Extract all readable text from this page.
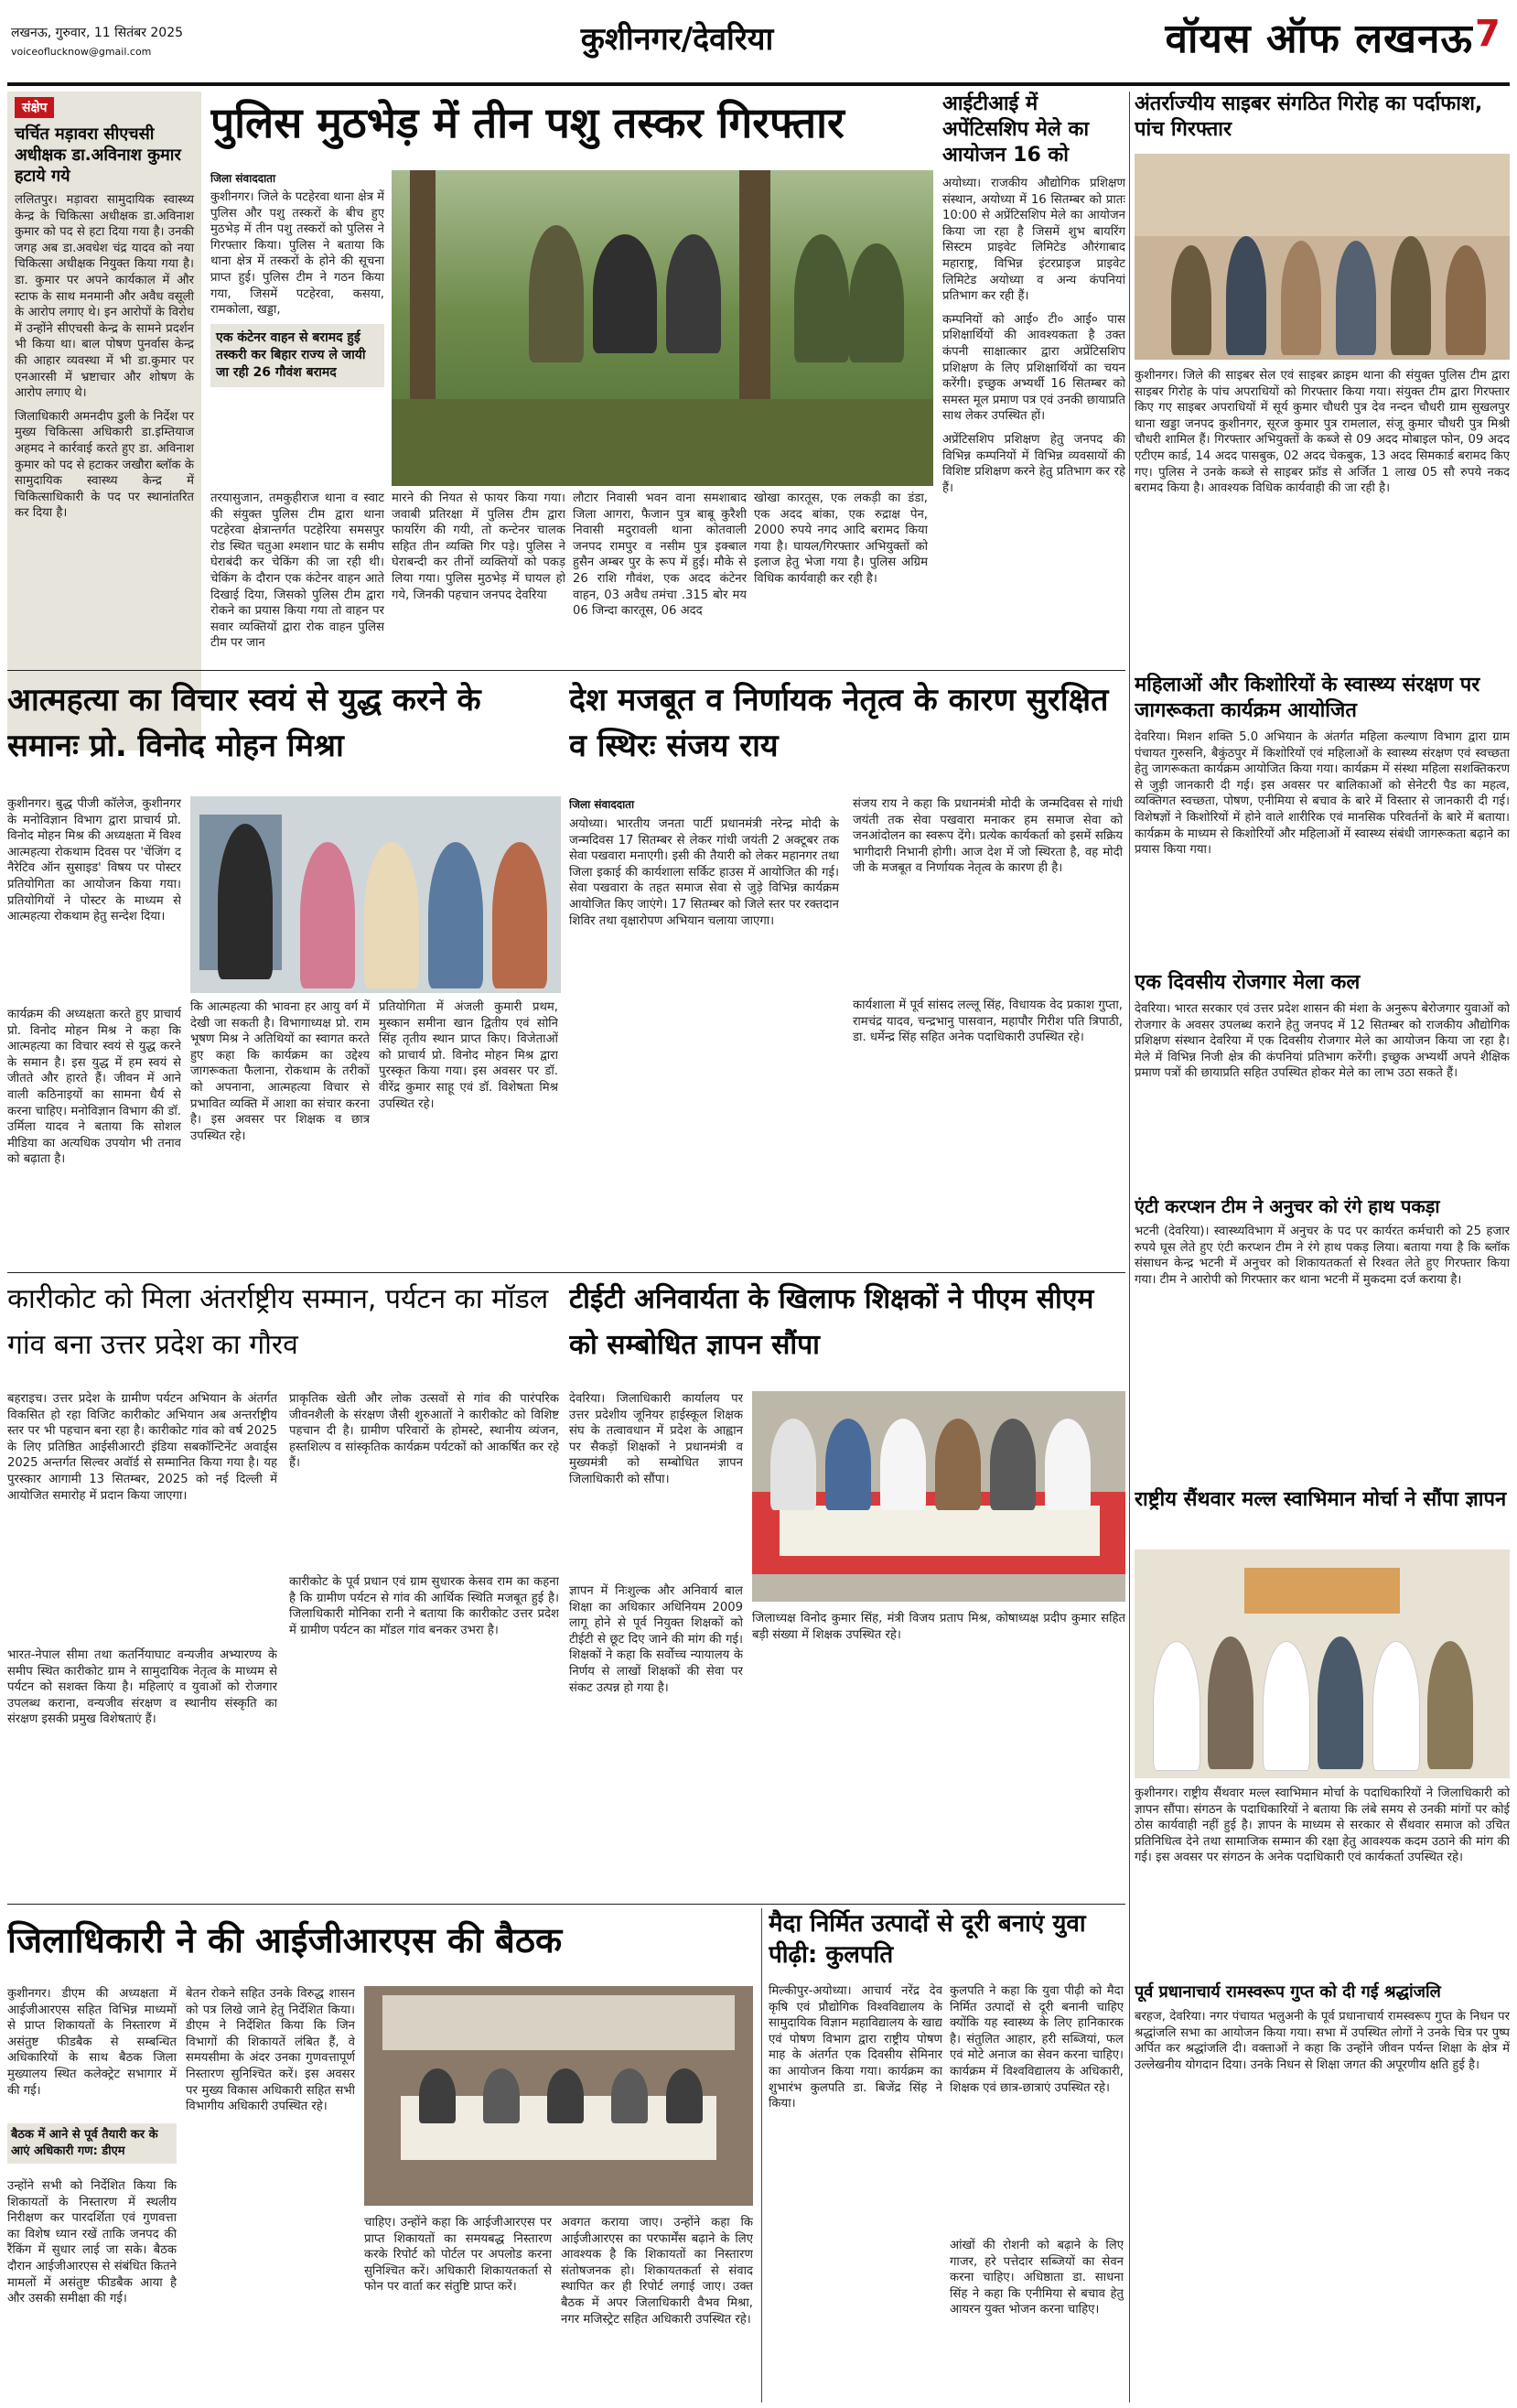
लखनऊ, गुरुवार, 11 सितंबर 2025
voiceoflucknow@gmail.com	कुशीनगर/देवरिया	वॉयस ऑफ लखनऊ 7
संक्षेप
चर्चित मड़ावरा सीएचसी अधीक्षक डा.अविनाश कुमार हटाये गये

ललितपुर। मड़ावरा सामुदायिक स्वास्थ्य केन्द्र के चिकित्सा अधीक्षक डा.अविनाश कुमार को पद से हटा दिया गया है। उनकी जगह अब डा.अवधेश चंद्र यादव को नया चिकित्सा अधीक्षक नियुक्त किया गया है। डा. कुमार पर अपने कार्यकाल में और स्टाफ के साथ मनमानी और अवैध वसूली के आरोप लगाए थे। इन आरोपों के विरोध में उन्होंने सीएचसी केन्द्र के सामने प्रदर्शन भी किया था। बाल पोषण पुनर्वास केन्द्र की आहार व्यवस्था में भी डा.कुमार पर एनआरसी में भ्रष्टाचार और शोषण के आरोप लगाए थे।

जिलाधिकारी अमनदीप डुली के निर्देश पर मुख्य चिकित्सा अधिकारी डा.इम्तियाज अहमद ने कार्रवाई करते हुए डा. अविनाश कुमार को पद से हटाकर जखौरा ब्लॉक के सामुदायिक स्वास्थ्य केन्द्र में चिकित्साधिकारी के पद पर स्थानांतरित कर दिया है।

पुलिस मुठभेड़ में तीन पशु तस्कर गिरफ्तार
जिला संवाददाता

कुशीनगर। जिले के पटहेरवा थाना क्षेत्र में पुलिस और पशु तस्करों के बीच हुए मुठभेड़ में तीन पशु तस्करों को पुलिस ने गिरफ्तार किया। पुलिस ने बताया कि थाना क्षेत्र में तस्करों के होने की सूचना प्राप्त हुई। पुलिस टीम ने गठन किया गया, जिसमें पटहेरवा, कसया, रामकोला, खड्डा,

एक कंटेनर वाहन से बरामद हुई तस्करी कर बिहार राज्य ले जायी जा रही 26 गौवंश बरामद

तरयासुजान, तमकुहीराज थाना व स्वाट की संयुक्त पुलिस टीम द्वारा थाना पटहेरवा क्षेत्रान्तर्गत पटहेरिया समसपुर रोड स्थित चतुआ श्मशान घाट के समीप घेराबंदी कर चेकिंग की जा रही थी। चेकिंग के दौरान एक कंटेनर वाहन आते दिखाई दिया, जिसको पुलिस टीम द्वारा रोकने का प्रयास किया गया तो वाहन पर सवार व्यक्तियों द्वारा रोक वाहन पुलिस टीम पर जान

मारने की नियत से फायर किया गया। जवाबी प्रतिरक्षा में पुलिस टीम द्वारा फायरिंग की गयी, तो कन्टेनर चालक सहित तीन व्यक्ति गिर पड़े। पुलिस ने घेराबन्दी कर तीनों व्यक्तियों को पकड़ लिया गया। पुलिस मुठभेड़ में घायल हो गये, जिनकी पहचान जनपद देवरिया

लौटार निवासी भवन वाना समशाबाद जिला आगरा, फैजान पुत्र बाबू कुरैशी निवासी मदुरावली थाना कोतवाली जनपद रामपुर व नसीम पुत्र इक्बाल हुसैन अम्बर पुर के रूप में हुई। मौके से 26 राशि गौवंश, एक अदद कंटेनर वाहन, 03 अवैध तमंचा .315 बोर मय 06 जिन्दा कारतूस, 06 अदद

खोखा कारतूस, एक लकड़ी का डंडा, एक अदद बांका, एक रुद्राक्ष पेन, 2000 रुपये नगद आदि बरामद किया गया है। घायल/गिरफ्तार अभियुक्तों को इलाज हेतु भेजा गया है। पुलिस अग्रिम विधिक कार्यवाही कर रही है।

आईटीआई में अपेंटिसशिप मेले का आयोजन 16 को

अयोध्या। राजकीय औद्योगिक प्रशिक्षण संस्थान, अयोध्या में 16 सितम्बर को प्रातः 10:00 से अप्रेंटिसशिप मेले का आयोजन किया जा रहा है जिसमें शुभ बायरिंग सिस्टम प्राइवेट लिमिटेड औरंगाबाद महाराष्ट्र, विभिन्न इंटरप्राइज प्राइवेट लिमिटेड अयोध्या व अन्य कंपनियां प्रतिभाग कर रही हैं।

कम्पनियों को आई० टी० आई० पास प्रशिक्षार्थियों की आवश्यकता है उक्त कंपनी साक्षात्कार द्वारा अप्रेंटिसशिप प्रशिक्षण के लिए प्रशिक्षार्थियों का चयन करेंगी। इच्छुक अभ्यर्थी 16 सितम्बर को समस्त मूल प्रमाण पत्र एवं उनकी छायाप्रति साथ लेकर उपस्थित हों।

अप्रेंटिसशिप प्रशिक्षण हेतु जनपद की विभिन्न कम्पनियों में विभिन्न व्यवसायों की विशिष्ट प्रशिक्षण करने हेतु प्रतिभाग कर रहे हैं।

अंतर्राज्यीय साइबर संगठित गिरोह का पर्दाफाश, पांच गिरफ्तार

कुशीनगर। जिले की साइबर सेल एवं साइबर क्राइम थाना की संयुक्त पुलिस टीम द्वारा साइबर गिरोह के पांच अपराधियों को गिरफ्तार किया गया। संयुक्त टीम द्वारा गिरफ्तार किए गए साइबर अपराधियों में सूर्य कुमार चौधरी पुत्र देव नन्दन चौधरी ग्राम सुखलपुर थाना खड्डा जनपद कुशीनगर, सूरज कुमार पुत्र रामलाल, संजू कुमार चौधरी पुत्र मिश्री चौधरी शामिल हैं। गिरफ्तार अभियुक्तों के कब्जे से 09 अदद मोबाइल फोन, 09 अदद एटीएम कार्ड, 14 अदद पासबुक, 02 अदद चेकबुक, 13 अदद सिमकार्ड बरामद किए गए। पुलिस ने उनके कब्जे से साइबर फ्रॉड से अर्जित 1 लाख 05 सौ रुपये नकद बरामद किया है। आवश्यक विधिक कार्यवाही की जा रही है।

महिलाओं और किशोरियों के स्वास्थ्य संरक्षण पर जागरूकता कार्यक्रम आयोजित

देवरिया। मिशन शक्ति 5.0 अभियान के अंतर्गत महिला कल्याण विभाग द्वारा ग्राम पंचायत गुरुसनि, बैकुंठपुर में किशोरियों एवं महिलाओं के स्वास्थ्य संरक्षण एवं स्वच्छता हेतु जागरूकता कार्यक्रम आयोजित किया गया। कार्यक्रम में संस्था महिला सशक्तिकरण से जुड़ी जानकारी दी गई। इस अवसर पर बालिकाओं को सेनेटरी पैड का महत्व, व्यक्तिगत स्वच्छता, पोषण, एनीमिया से बचाव के बारे में विस्तार से जानकारी दी गई। विशेषज्ञों ने किशोरियों में होने वाले शारीरिक एवं मानसिक परिवर्तनों के बारे में बताया। कार्यक्रम के माध्यम से किशोरियों और महिलाओं में स्वास्थ्य संबंधी जागरूकता बढ़ाने का प्रयास किया गया।

एक दिवसीय रोजगार मेला कल

देवरिया। भारत सरकार एवं उत्तर प्रदेश शासन की मंशा के अनुरूप बेरोजगार युवाओं को रोजगार के अवसर उपलब्ध कराने हेतु जनपद में 12 सितम्बर को राजकीय औद्योगिक प्रशिक्षण संस्थान देवरिया में एक दिवसीय रोजगार मेले का आयोजन किया जा रहा है। मेले में विभिन्न निजी क्षेत्र की कंपनियां प्रतिभाग करेंगी। इच्छुक अभ्यर्थी अपने शैक्षिक प्रमाण पत्रों की छायाप्रति सहित उपस्थित होकर मेले का लाभ उठा सकते हैं।

एंटी करप्शन टीम ने अनुचर को रंगे हाथ पकड़ा

भटनी (देवरिया)। स्वास्थ्यविभाग में अनुचर के पद पर कार्यरत कर्मचारी को 25 हजार रुपये घूस लेते हुए एंटी करप्शन टीम ने रंगे हाथ पकड़ लिया। बताया गया है कि ब्लॉक संसाधन केन्द्र भटनी में अनुचर को शिकायतकर्ता से रिश्वत लेते हुए गिरफ्तार किया गया। टीम ने आरोपी को गिरफ्तार कर थाना भटनी में मुकदमा दर्ज कराया है।

राष्ट्रीय सैंथवार मल्ल स्वाभिमान मोर्चा ने सौंपा ज्ञापन

कुशीनगर। राष्ट्रीय सैंथवार मल्ल स्वाभिमान मोर्चा के पदाधिकारियों ने जिलाधिकारी को ज्ञापन सौंपा। संगठन के पदाधिकारियों ने बताया कि लंबे समय से उनकी मांगों पर कोई ठोस कार्यवाही नहीं हुई है। ज्ञापन के माध्यम से सरकार से सैंथवार समाज को उचित प्रतिनिधित्व देने तथा सामाजिक सम्मान की रक्षा हेतु आवश्यक कदम उठाने की मांग की गई। इस अवसर पर संगठन के अनेक पदाधिकारी एवं कार्यकर्ता उपस्थित रहे।

पूर्व प्रधानाचार्य रामस्वरूप गुप्त को दी गई श्रद्धांजलि

बरहज, देवरिया। नगर पंचायत भलुअनी के पूर्व प्रधानाचार्य रामस्वरूप गुप्त के निधन पर श्रद्धांजलि सभा का आयोजन किया गया। सभा में उपस्थित लोगों ने उनके चित्र पर पुष्प अर्पित कर श्रद्धांजलि दी। वक्ताओं ने कहा कि उन्होंने जीवन पर्यन्त शिक्षा के क्षेत्र में उल्लेखनीय योगदान दिया। उनके निधन से शिक्षा जगत की अपूरणीय क्षति हुई है।

आत्महत्या का विचार स्वयं से युद्ध करने के समानः प्रो. विनोद मोहन मिश्रा

कुशीनगर। बुद्ध पीजी कॉलेज, कुशीनगर के मनोविज्ञान विभाग द्वारा प्राचार्य प्रो. विनोद मोहन मिश्र की अध्यक्षता में विश्व आत्महत्या रोकथाम दिवस पर 'चेंजिंग द नैरेटिव ऑन सुसाइड' विषय पर पोस्टर प्रतियोगिता का आयोजन किया गया। प्रतियोगियों ने पोस्टर के माध्यम से आत्महत्या रोकथाम हेतु सन्देश दिया।

कार्यक्रम की अध्यक्षता करते हुए प्राचार्य प्रो. विनोद मोहन मिश्र ने कहा कि आत्महत्या का विचार स्वयं से युद्ध करने के समान है। इस युद्ध में हम स्वयं से जीतते और हारते हैं। जीवन में आने वाली कठिनाइयों का सामना धैर्य से करना चाहिए। मनोविज्ञान विभाग की डॉ. उर्मिला यादव ने बताया कि सोशल मीडिया का अत्यधिक उपयोग भी तनाव को बढ़ाता है।

कि आत्महत्या की भावना हर आयु वर्ग में देखी जा सकती है। विभागाध्यक्ष प्रो. राम भूषण मिश्र ने अतिथियों का स्वागत करते हुए कहा कि कार्यक्रम का उद्देश्य जागरूकता फैलाना, रोकथाम के तरीकों को अपनाना, आत्महत्या विचार से प्रभावित व्यक्ति में आशा का संचार करना है। इस अवसर पर शिक्षक व छात्र उपस्थित रहे।

प्रतियोगिता में अंजली कुमारी प्रथम, मुस्कान समीना खान द्वितीय एवं सोनि सिंह तृतीय स्थान प्राप्त किए। विजेताओं को प्राचार्य प्रो. विनोद मोहन मिश्र द्वारा पुरस्कृत किया गया। इस अवसर पर डॉ. वीरेंद्र कुमार साहू एवं डॉ. विशेषता मिश्र उपस्थित रहे।

देश मजबूत व निर्णायक नेतृत्व के कारण सुरक्षित व स्थिरः संजय राय
जिला संवाददाता

अयोध्या। भारतीय जनता पार्टी प्रधानमंत्री नरेन्द्र मोदी के जन्मदिवस 17 सितम्बर से लेकर गांधी जयंती 2 अक्टूबर तक सेवा पखवारा मनाएगी। इसी की तैयारी को लेकर महानगर तथा जिला इकाई की कार्यशाला सर्किट हाउस में आयोजित की गई। सेवा पखवारा के तहत समाज सेवा से जुड़े विभिन्न कार्यक्रम आयोजित किए जाएंगे। 17 सितम्बर को जिले स्तर पर रक्तदान शिविर तथा वृक्षारोपण अभियान चलाया जाएगा।

संजय राय ने कहा कि प्रधानमंत्री मोदी के जन्मदिवस से गांधी जयंती तक सेवा पखवारा मनाकर हम समाज सेवा को जनआंदोलन का स्वरूप देंगे। प्रत्येक कार्यकर्ता को इसमें सक्रिय भागीदारी निभानी होगी। आज देश में जो स्थिरता है, वह मोदी जी के मजबूत व निर्णायक नेतृत्व के कारण ही है।

कार्यशाला में पूर्व सांसद लल्लू सिंह, विधायक वेद प्रकाश गुप्ता, रामचंद्र यादव, चन्द्रभानु पासवान, महापौर गिरीश पति त्रिपाठी, डा. धर्मेन्द्र सिंह सहित अनेक पदाधिकारी उपस्थित रहे।

कारीकोट को मिला अंतर्राष्ट्रीय सम्मान, पर्यटन का मॉडल गांव बना उत्तर प्रदेश का गौरव

बहराइच। उत्तर प्रदेश के ग्रामीण पर्यटन अभियान के अंतर्गत विकसित हो रहा विजिट कारीकोट अभियान अब अन्तर्राष्ट्रीय स्तर पर भी पहचान बना रहा है। कारीकोट गांव को वर्ष 2025 के लिए प्रतिष्ठित आईसीआरटी इंडिया सबकॉन्टिनेंट अवार्ड्स 2025 अन्तर्गत सिल्वर अवॉर्ड से सम्मानित किया गया है। यह पुरस्कार आगामी 13 सितम्बर, 2025 को नई दिल्ली में आयोजित समारोह में प्रदान किया जाएगा।

भारत-नेपाल सीमा तथा कतर्नियाघाट वन्यजीव अभ्यारण्य के समीप स्थित कारीकोट ग्राम ने सामुदायिक नेतृत्व के माध्यम से पर्यटन को सशक्त किया है। महिलाएं व युवाओं को रोजगार उपलब्ध कराना, वन्यजीव संरक्षण व स्थानीय संस्कृति का संरक्षण इसकी प्रमुख विशेषताएं हैं।

प्राकृतिक खेती और लोक उत्सवों से गांव की पारंपरिक जीवनशैली के संरक्षण जैसी शुरुआतों ने कारीकोट को विशिष्ट पहचान दी है। ग्रामीण परिवारों के होमस्टे, स्थानीय व्यंजन, हस्तशिल्प व सांस्कृतिक कार्यक्रम पर्यटकों को आकर्षित कर रहे हैं।

कारीकोट के पूर्व प्रधान एवं ग्राम सुधारक केसव राम का कहना है कि ग्रामीण पर्यटन से गांव की आर्थिक स्थिति मजबूत हुई है। जिलाधिकारी मोनिका रानी ने बताया कि कारीकोट उत्तर प्रदेश में ग्रामीण पर्यटन का मॉडल गांव बनकर उभरा है।

टीईटी अनिवार्यता के खिलाफ शिक्षकों ने पीएम सीएम को सम्बोधित ज्ञापन सौंपा

देवरिया। जिलाधिकारी कार्यालय पर उत्तर प्रदेशीय जूनियर हाईस्कूल शिक्षक संघ के तत्वावधान में प्रदेश के आह्वान पर सैकड़ों शिक्षकों ने प्रधानमंत्री व मुख्यमंत्री को सम्बोधित ज्ञापन जिलाधिकारी को सौंपा।

ज्ञापन में निःशुल्क और अनिवार्य बाल शिक्षा का अधिकार अधिनियम 2009 लागू होने से पूर्व नियुक्त शिक्षकों को टीईटी से छूट दिए जाने की मांग की गई। शिक्षकों ने कहा कि सर्वोच्च न्यायालय के निर्णय से लाखों शिक्षकों की सेवा पर संकट उत्पन्न हो गया है।

जिलाध्यक्ष विनोद कुमार सिंह, मंत्री विजय प्रताप मिश्र, कोषाध्यक्ष प्रदीप कुमार सहित बड़ी संख्या में शिक्षक उपस्थित रहे।

जिलाधिकारी ने की आईजीआरएस की बैठक

कुशीनगर। डीएम की अध्यक्षता में आईजीआरएस सहित विभिन्न माध्यमों से प्राप्त शिकायतों के निस्तारण में असंतुष्ट फीडबैक से सम्बन्धित अधिकारियों के साथ बैठक जिला मुख्यालय स्थित कलेक्ट्रेट सभागार में की गई।

बैठक में आने से पूर्व तैयारी कर के आएं अधिकारी गण: डीएम

उन्होंने सभी को निर्देशित किया कि शिकायतों के निस्तारण में स्थलीय निरीक्षण कर पारदर्शिता एवं गुणवत्ता का विशेष ध्यान रखें ताकि जनपद की रैंकिंग में सुधार लाई जा सके। बैठक दौरान आईजीआरएस से संबंधित कितने मामलों में असंतुष्ट फीडबैक आया है और उसकी समीक्षा की गई।

बेतन रोकने सहित उनके विरुद्ध शासन को पत्र लिखे जाने हेतु निर्देशित किया। डीएम ने निर्देशित किया कि जिन विभागों की शिकायतें लंबित हैं, वे समयसीमा के अंदर उनका गुणवत्तापूर्ण निस्तारण सुनिश्चित करें। इस अवसर पर मुख्य विकास अधिकारी सहित सभी विभागीय अधिकारी उपस्थित रहे।

चाहिए। उन्होंने कहा कि आईजीआरएस पर प्राप्त शिकायतों का समयबद्ध निस्तारण करके रिपोर्ट को पोर्टल पर अपलोड करना सुनिश्चित करें। अधिकारी शिकायतकर्ता से फोन पर वार्ता कर संतुष्टि प्राप्त करें।

अवगत कराया जाए। उन्होंने कहा कि आईजीआरएस का परफार्मेंस बढ़ाने के लिए आवश्यक है कि शिकायतों का निस्तारण संतोषजनक हो। शिकायतकर्ता से संवाद स्थापित कर ही रिपोर्ट लगाई जाए। उक्त बैठक में अपर जिलाधिकारी वैभव मिश्रा, नगर मजिस्ट्रेट सहित अधिकारी उपस्थित रहे।

मैदा निर्मित उत्पादों से दूरी बनाएं युवा पीढ़ी: कुलपति

मिल्कीपुर-अयोध्या। आचार्य नरेंद्र देव कृषि एवं प्रौद्योगिक विश्वविद्यालय के सामुदायिक विज्ञान महाविद्यालय के खाद्य एवं पोषण विभाग द्वारा राष्ट्रीय पोषण माह के अंतर्गत एक दिवसीय सेमिनार का आयोजन किया गया। कार्यक्रम का शुभारंभ कुलपति डा. बिजेंद्र सिंह ने किया।

कुलपति ने कहा कि युवा पीढ़ी को मैदा निर्मित उत्पादों से दूरी बनानी चाहिए क्योंकि यह स्वास्थ्य के लिए हानिकारक है। संतुलित आहार, हरी सब्जियां, फल एवं मोटे अनाज का सेवन करना चाहिए। कार्यक्रम में विश्वविद्यालय के अधिकारी, शिक्षक एवं छात्र-छात्राएं उपस्थित रहे।

आंखों की रोशनी को बढ़ाने के लिए गाजर, हरे पत्तेदार सब्जियों का सेवन करना चाहिए। अधिष्ठाता डा. साधना सिंह ने कहा कि एनीमिया से बचाव हेतु आयरन युक्त भोजन करना चाहिए।
